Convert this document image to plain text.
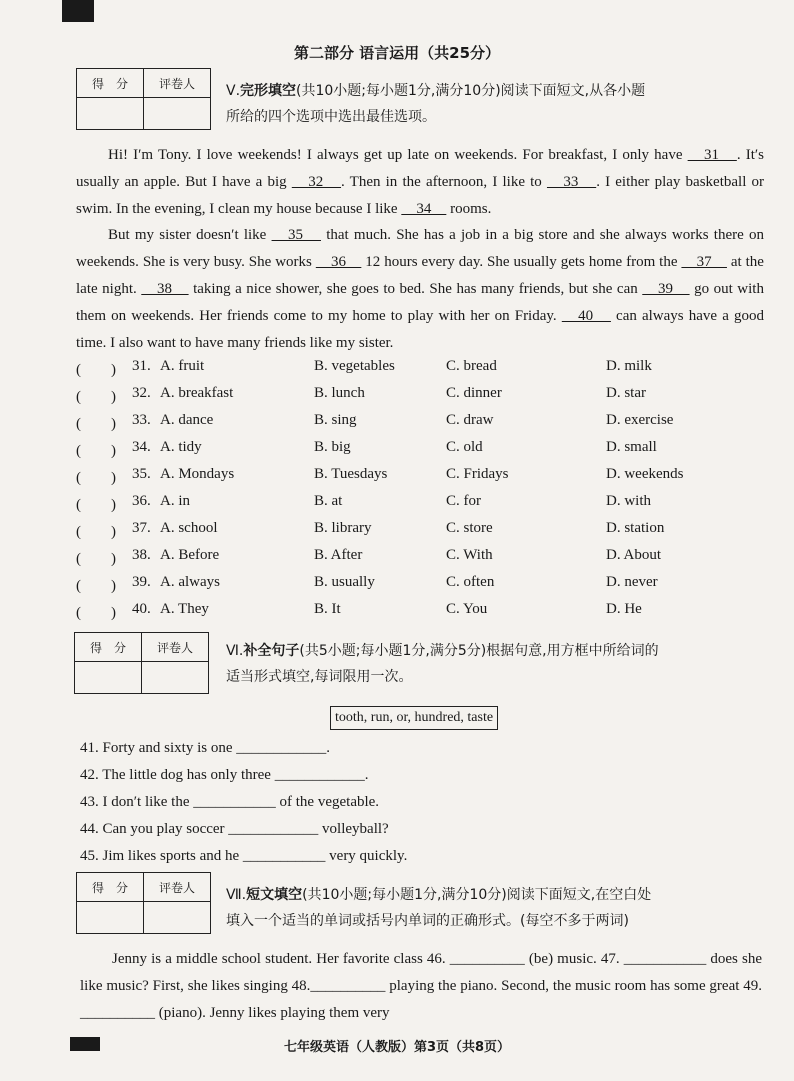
第二部分 语言运用（共25分）
得　分	评卷人
	Ⅴ.完形填空(共10小题;每小题1分,满分10分)阅读下面短文,从各小题
所给的四个选项中选出最佳选项。

Hi! I′m Tony. I love weekends! I always get up late on weekends. For breakfast, I only have 　31　. It′s usually an apple. But I have a big 　32　. Then in the afternoon, I like to 　33　. I either play basketball or swim. In the evening, I clean my house because I like 　34　 rooms.

But my sister doesn′t like 　35　 that much. She has a job in a big store and she always works there on weekends. She is very busy. She works 　36　 12 hours every day. She usually gets home from the 　37　 at the late night. 　38　 taking a nice shower, she goes to bed. She has many friends, but she can 　39　 go out with them on weekends. Her friends come to my home to play with her on Friday. 　40　 can always have a good time. I also want to have many friends like my sister.

(　　) 31. A. fruit	B. vegetables	C. bread	D. milk
(　　) 32. A. breakfast	B. lunch	C. dinner	D. star
(　　) 33. A. dance	B. sing	C. draw	D. exercise
(　　) 34. A. tidy	B. big	C. old	D. small
(　　) 35. A. Mondays	B. Tuesdays	C. Fridays	D. weekends
(　　) 36. A. in	B. at	C. for	D. with
(　　) 37. A. school	B. library	C. store	D. station
(　　) 38. A. Before	B. After	C. With	D. About
(　　) 39. A. always	B. usually	C. often	D. never
(　　) 40. A. They	B. It	C. You	D. He
得　分	评卷人
	Ⅵ.补全句子(共5小题;每小题1分,满分5分)根据句意,用方框中所给词的
适当形式填空,每词限用一次。
tooth, run, or, hundred, taste
41. Forty and sixty is one ____________.
42. The little dog has only three ____________.
43. I don′t like the ___________ of the vegetable.
44. Can you play soccer ____________ volleyball?
45. Jim likes sports and he ___________ very quickly.
得　分	评卷人
	Ⅶ.短文填空(共10小题;每小题1分,满分10分)阅读下面短文,在空白处
填入一个适当的单词或括号内单词的正确形式。(每空不多于两词)

Jenny is a middle school student. Her favorite class 46. __________ (be) music. 47. ___________ does she like music? First, she likes singing 48.__________ playing the piano. Second, the music room has some great 49. __________ (piano). Jenny likes playing them very

七年级英语（人教版）第3页（共8页）
